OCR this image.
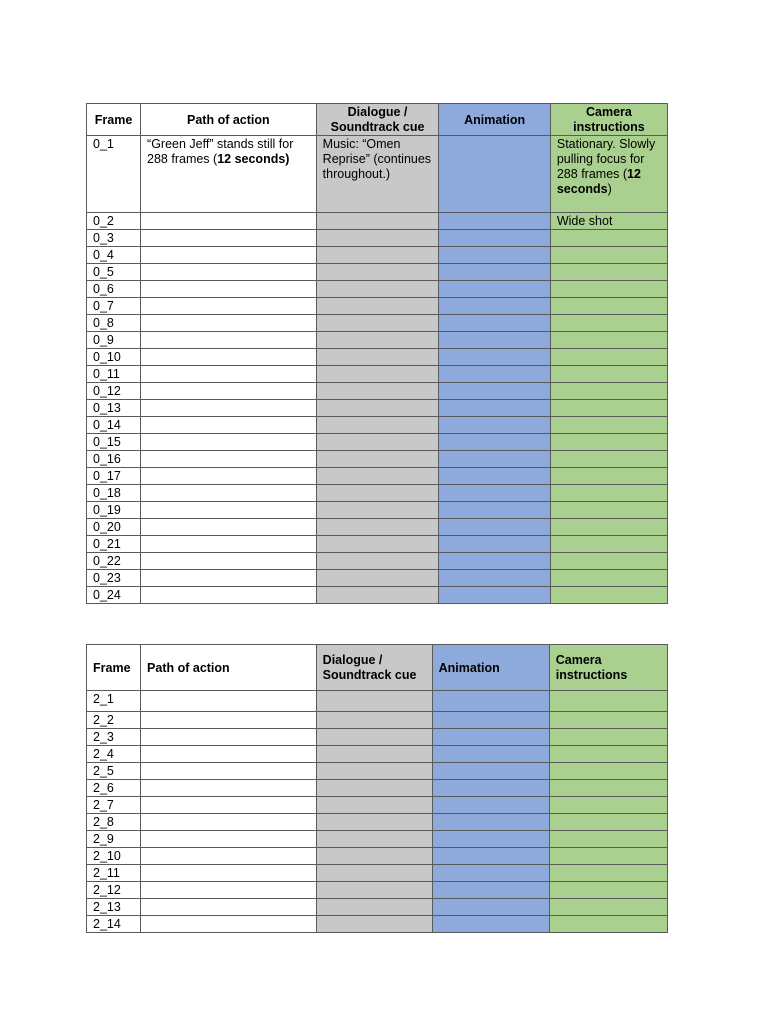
Frame	Path of action	Dialogue / Soundtrack cue	Animation	Camera instructions
0_1	“Green Jeff” stands still for 288 frames (12 seconds)	Music: “Omen Reprise” (continues throughout.)		Stationary. Slowly pulling focus for 288 frames (12 seconds)
0_2				Wide shot
0_3				
0_4				
0_5				
0_6				
0_7				
0_8				
0_9				
0_10				
0_11				
0_12				
0_13				
0_14				
0_15				
0_16				
0_17				
0_18				
0_19				
0_20				
0_21				
0_22				
0_23				
0_24				
Frame	Path of action	Dialogue / Soundtrack cue	Animation	Camera instructions
2_1				
2_2				
2_3				
2_4				
2_5				
2_6				
2_7				
2_8				
2_9				
2_10				
2_11				
2_12				
2_13				
2_14				
